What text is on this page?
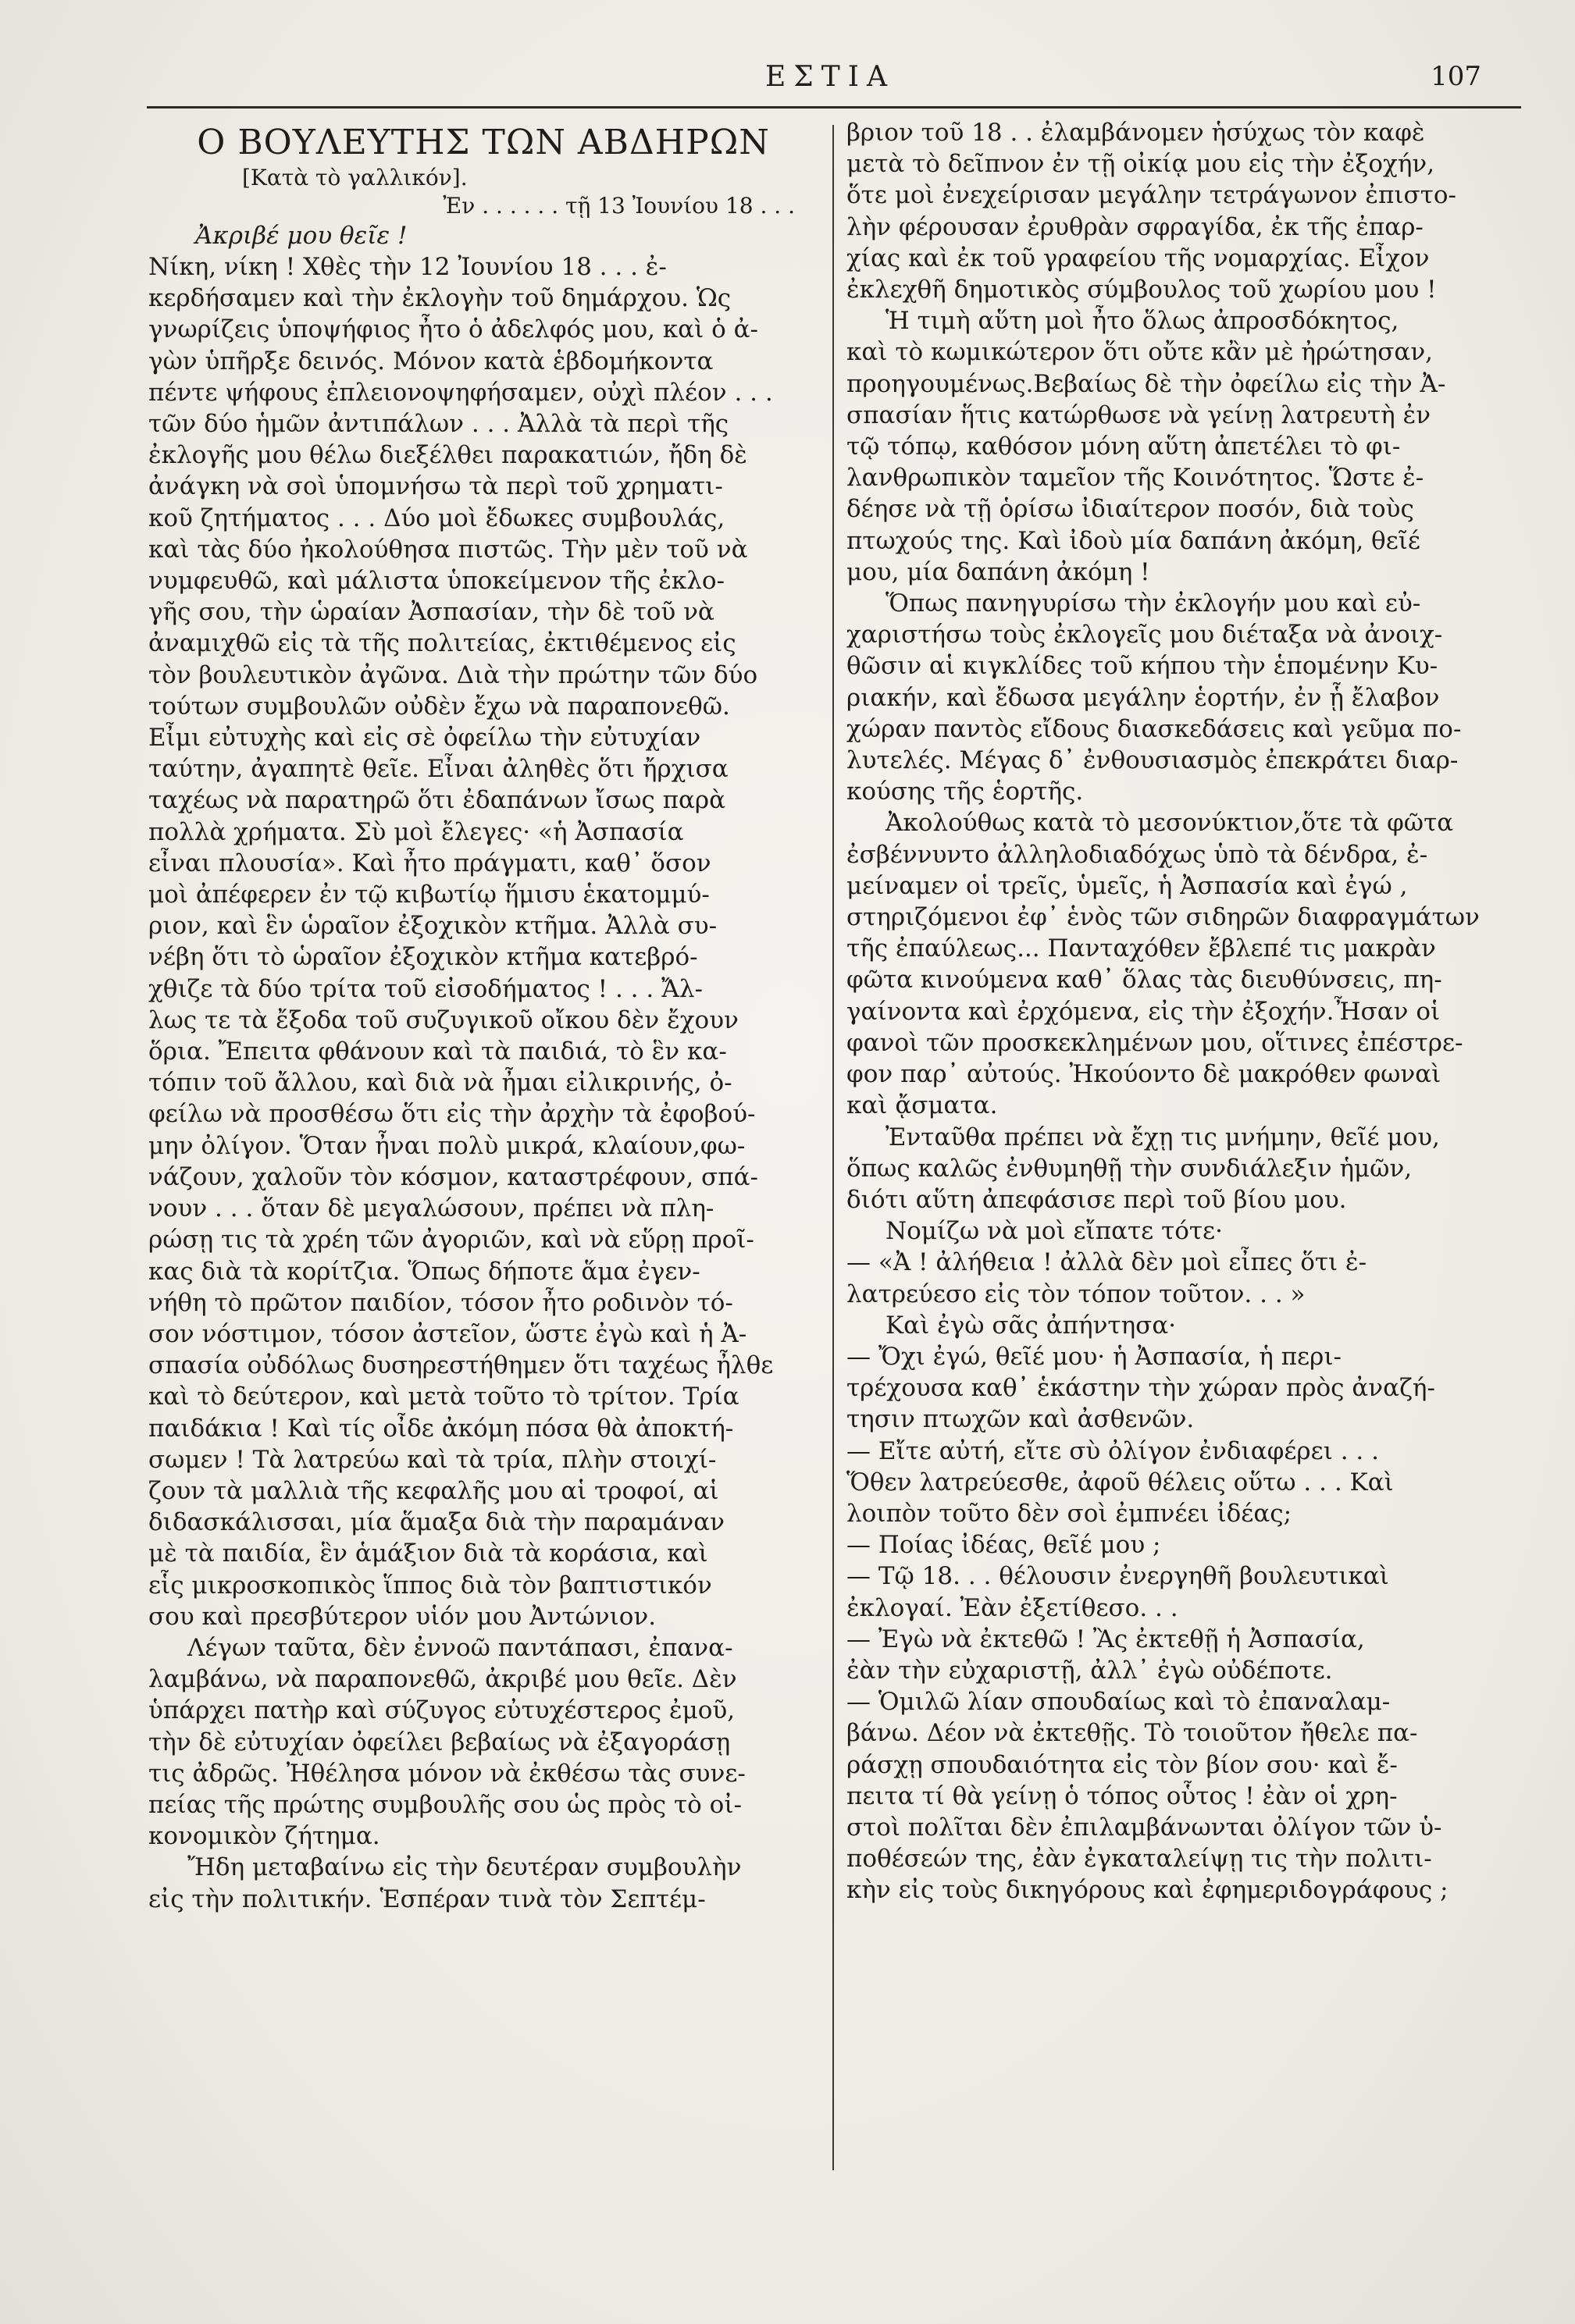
ΕΣΤΙΑ	107
Ο ΒΟΥΛΕΥΤΗΣ ΤΩΝ ΑΒΔΗΡΩΝ
[Κατὰ τὸ γαλλικόν].
Ἐν . . . . . . τῇ 13 Ἰουνίου 18 . . .
Ἀκριβέ μου θεῖε !
Νίκη, νίκη ! Χθὲς τὴν 12 Ἰουνίου 18 . . . ἐ-
κερδήσαμεν καὶ τὴν ἐκλογὴν τοῦ δημάρχου. Ὡς
γνωρίζεις ὑποψήφιος ἦτο ὁ ἀδελφός μου, καὶ ὁ ἀ-
γὼν ὑπῆρξε δεινός. Μόνον κατὰ ἑβδομήκοντα
πέντε ψήφους ἐπλειονοψηφήσαμεν, οὐχὶ πλέον . . .
τῶν δύο ἡμῶν ἀντιπάλων . . . Ἀλλὰ τὰ περὶ τῆς
ἐκλογῆς μου θέλω διεξέλθει παρακατιών, ἤδη δὲ
ἀνάγκη νὰ σοὶ ὑπομνήσω τὰ περὶ τοῦ χρηματι-
κοῦ ζητήματος . . . Δύο μοὶ ἔδωκες συμβουλάς,
καὶ τὰς δύο ἠκολούθησα πιστῶς. Τὴν μὲν τοῦ νὰ
νυμφευθῶ, καὶ μάλιστα ὑποκείμενον τῆς ἐκλο-
γῆς σου, τὴν ὡραίαν Ἀσπασίαν, τὴν δὲ τοῦ νὰ
ἀναμιχθῶ εἰς τὰ τῆς πολιτείας, ἐκτιθέμενος εἰς
τὸν βουλευτικὸν ἀγῶνα. Διὰ τὴν πρώτην τῶν δύο
τούτων συμβουλῶν οὐδὲν ἔχω νὰ παραπονεθῶ.
Εἶμι εὐτυχὴς καὶ εἰς σὲ ὀφείλω τὴν εὐτυχίαν
ταύτην, ἀγαπητὲ θεῖε. Εἶναι ἀληθὲς ὅτι ἤρχισα
ταχέως νὰ παρατηρῶ ὅτι ἐδαπάνων ἴσως παρὰ
πολλὰ χρήματα. Σὺ μοὶ ἔλεγες· «ἡ Ἀσπασία
εἶναι πλουσία». Καὶ ἦτο πράγματι, καθ᾽ ὅσον
μοὶ ἀπέφερεν ἐν τῷ κιβωτίῳ ἥμισυ ἑκατομμύ-
ριον, καὶ ἓν ὡραῖον ἐξοχικὸν κτῆμα. Ἀλλὰ συ-
νέβη ὅτι τὸ ὡραῖον ἐξοχικὸν κτῆμα κατεβρό-
χθιζε τὰ δύο τρίτα τοῦ εἰσοδήματος ! . . . Ἄλ-
λως τε τὰ ἔξοδα τοῦ συζυγικοῦ οἴκου δὲν ἔχουν
ὅρια. Ἔπειτα φθάνουν καὶ τὰ παιδιά, τὸ ἓν κα-
τόπιν τοῦ ἄλλου, καὶ διὰ νὰ ἦμαι εἰλικρινής, ὀ-
φείλω νὰ προσθέσω ὅτι εἰς τὴν ἀρχὴν τὰ ἐφοβού-
μην ὀλίγον. Ὅταν ἦναι πολὺ μικρά, κλαίουν,φω-
νάζουν, χαλοῦν τὸν κόσμον, καταστρέφουν, σπά-
νουν . . . ὅταν δὲ μεγαλώσουν, πρέπει νὰ πλη-
ρώσῃ τις τὰ χρέη τῶν ἀγοριῶν, καὶ νὰ εὕρῃ προῖ-
κας διὰ τὰ κορίτζια. Ὅπως δήποτε ἅμα ἐγεν-
νήθη τὸ πρῶτον παιδίον, τόσον ἦτο ροδινὸν τό-
σον νόστιμον, τόσον ἀστεῖον, ὥστε ἐγὼ καὶ ἡ Ἀ-
σπασία οὐδόλως δυσηρεστήθημεν ὅτι ταχέως ἦλθε
καὶ τὸ δεύτερον, καὶ μετὰ τοῦτο τὸ τρίτον. Τρία
παιδάκια ! Καὶ τίς οἶδε ἀκόμη πόσα θὰ ἀποκτή-
σωμεν ! Τὰ λατρεύω καὶ τὰ τρία, πλὴν στοιχί-
ζουν τὰ μαλλιὰ τῆς κεφαλῆς μου αἱ τροφοί, αἱ
διδασκάλισσαι, μία ἅμαξα διὰ τὴν παραμάναν
μὲ τὰ παιδία, ἓν ἁμάξιον διὰ τὰ κοράσια, καὶ
εἷς μικροσκοπικὸς ἵππος διὰ τὸν βαπτιστικόν
σου καὶ πρεσβύτερον υἱόν μου Ἀντώνιον.
Λέγων ταῦτα, δὲν ἐννοῶ παντάπασι, ἐπανα-
λαμβάνω, νὰ παραπονεθῶ, ἀκριβέ μου θεῖε. Δὲν
ὑπάρχει πατὴρ καὶ σύζυγος εὐτυχέστερος ἐμοῦ,
τὴν δὲ εὐτυχίαν ὀφείλει βεβαίως νὰ ἐξαγοράσῃ
τις ἀδρῶς. Ἠθέλησα μόνον νὰ ἐκθέσω τὰς συνε-
πείας τῆς πρώτης συμβουλῆς σου ὡς πρὸς τὸ οἰ-
κονομικὸν ζήτημα.
Ἤδη μεταβαίνω εἰς τὴν δευτέραν συμβουλὴν
εἰς τὴν πολιτικήν. Ἑσπέραν τινὰ τὸν Σεπτέμ-
βριον τοῦ 18 . . ἐλαμβάνομεν ἡσύχως τὸν καφὲ
μετὰ τὸ δεῖπνον ἐν τῇ οἰκίᾳ μου εἰς τὴν ἐξοχήν,
ὅτε μοὶ ἐνεχείρισαν μεγάλην τετράγωνον ἐπιστο-
λὴν φέρουσαν ἐρυθρὰν σφραγίδα, ἐκ τῆς ἐπαρ-
χίας καὶ ἐκ τοῦ γραφείου τῆς νομαρχίας. Εἶχον
ἐκλεχθῆ δημοτικὸς σύμβουλος τοῦ χωρίου μου !
Ἡ τιμὴ αὕτη μοὶ ἦτο ὅλως ἀπροσδόκητος,
καὶ τὸ κωμικώτερον ὅτι οὔτε κἂν μὲ ἠρώτησαν,
προηγουμένως.Βεβαίως δὲ τὴν ὀφείλω εἰς τὴν Ἀ-
σπασίαν ἥτις κατώρθωσε νὰ γείνῃ λατρευτὴ ἐν
τῷ τόπῳ, καθόσον μόνη αὕτη ἀπετέλει τὸ φι-
λανθρωπικὸν ταμεῖον τῆς Κοινότητος. Ὥστε ἐ-
δέησε νὰ τῇ ὁρίσω ἰδιαίτερον ποσόν, διὰ τοὺς
πτωχούς της. Καὶ ἰδοὺ μία δαπάνη ἀκόμη, θεῖέ
μου, μία δαπάνη ἀκόμη !
Ὅπως πανηγυρίσω τὴν ἐκλογήν μου καὶ εὐ-
χαριστήσω τοὺς ἐκλογεῖς μου διέταξα νὰ ἀνοιχ-
θῶσιν αἱ κιγκλίδες τοῦ κήπου τὴν ἑπομένην Κυ-
ριακήν, καὶ ἔδωσα μεγάλην ἑορτήν, ἐν ᾗ ἔλαβον
χώραν παντὸς εἴδους διασκεδάσεις καὶ γεῦμα πο-
λυτελές. Μέγας δ᾽ ἐνθουσιασμὸς ἐπεκράτει διαρ-
κούσης τῆς ἑορτῆς.
Ἀκολούθως κατὰ τὸ μεσονύκτιον,ὅτε τὰ φῶτα
ἐσβέννυντο ἀλληλοδιαδόχως ὑπὸ τὰ δένδρα, ἐ-
μείναμεν οἱ τρεῖς, ὑμεῖς, ἡ Ἀσπασία καὶ ἐγώ ,
στηριζόμενοι ἐφ᾽ ἑνὸς τῶν σιδηρῶν διαφραγμάτων
τῆς ἐπαύλεως... Πανταχόθεν ἔβλεπέ τις μακρὰν
φῶτα κινούμενα καθ᾽ ὅλας τὰς διευθύνσεις, πη-
γαίνοντα καὶ ἐρχόμενα, εἰς τὴν ἐξοχήν.Ἦσαν οἱ
φανοὶ τῶν προσκεκλημένων μου, οἵτινες ἐπέστρε-
φον παρ᾽ αὐτούς. Ἠκούοντο δὲ μακρόθεν φωναὶ
καὶ ᾄσματα.
Ἐνταῦθα πρέπει νὰ ἔχῃ τις μνήμην, θεῖέ μου,
ὅπως καλῶς ἐνθυμηθῇ τὴν συνδιάλεξιν ἡμῶν,
διότι αὕτη ἀπεφάσισε περὶ τοῦ βίου μου.
Νομίζω νὰ μοὶ εἴπατε τότε·
— «Ἀ ! ἀλήθεια ! ἀλλὰ δὲν μοὶ εἶπες ὅτι ἐ-
λατρεύεσο εἰς τὸν τόπον τοῦτον. . . »
Καὶ ἐγὼ σᾶς ἀπήντησα·
— Ὄχι ἐγώ, θεῖέ μου· ἡ Ἀσπασία, ἡ περι-
τρέχουσα καθ᾽ ἑκάστην τὴν χώραν πρὸς ἀναζή-
τησιν πτωχῶν καὶ ἀσθενῶν.
— Εἴτε αὐτή, εἴτε σὺ ὀλίγον ἐνδιαφέρει . . .
Ὅθεν λατρεύεσθε, ἀφοῦ θέλεις οὕτω . . . Καὶ
λοιπὸν τοῦτο δὲν σοὶ ἐμπνέει ἰδέας;
— Ποίας ἰδέας, θεῖέ μου ;
— Τῷ 18. . . θέλουσιν ἐνεργηθῆ βουλευτικαὶ
ἐκλογαί. Ἐὰν ἐξετίθεσο. . .
— Ἐγὼ νὰ ἐκτεθῶ ! Ἂς ἐκτεθῇ ἡ Ἀσπασία,
ἐὰν τὴν εὐχαριστῇ, ἀλλ᾽ ἐγὼ οὐδέποτε.
— Ὁμιλῶ λίαν σπουδαίως καὶ τὸ ἐπαναλαμ-
βάνω. Δέον νὰ ἐκτεθῇς. Τὸ τοιοῦτον ἤθελε πα-
ράσχῃ σπουδαιότητα εἰς τὸν βίον σου· καὶ ἔ-
πειτα τί θὰ γείνῃ ὁ τόπος οὗτος ! ἐὰν οἱ χρη-
στοὶ πολῖται δὲν ἐπιλαμβάνωνται ὀλίγον τῶν ὑ-
ποθέσεών της, ἐὰν ἐγκαταλείψῃ τις τὴν πολιτι-
κὴν εἰς τοὺς δικηγόρους καὶ ἐφημεριδογράφους ;
